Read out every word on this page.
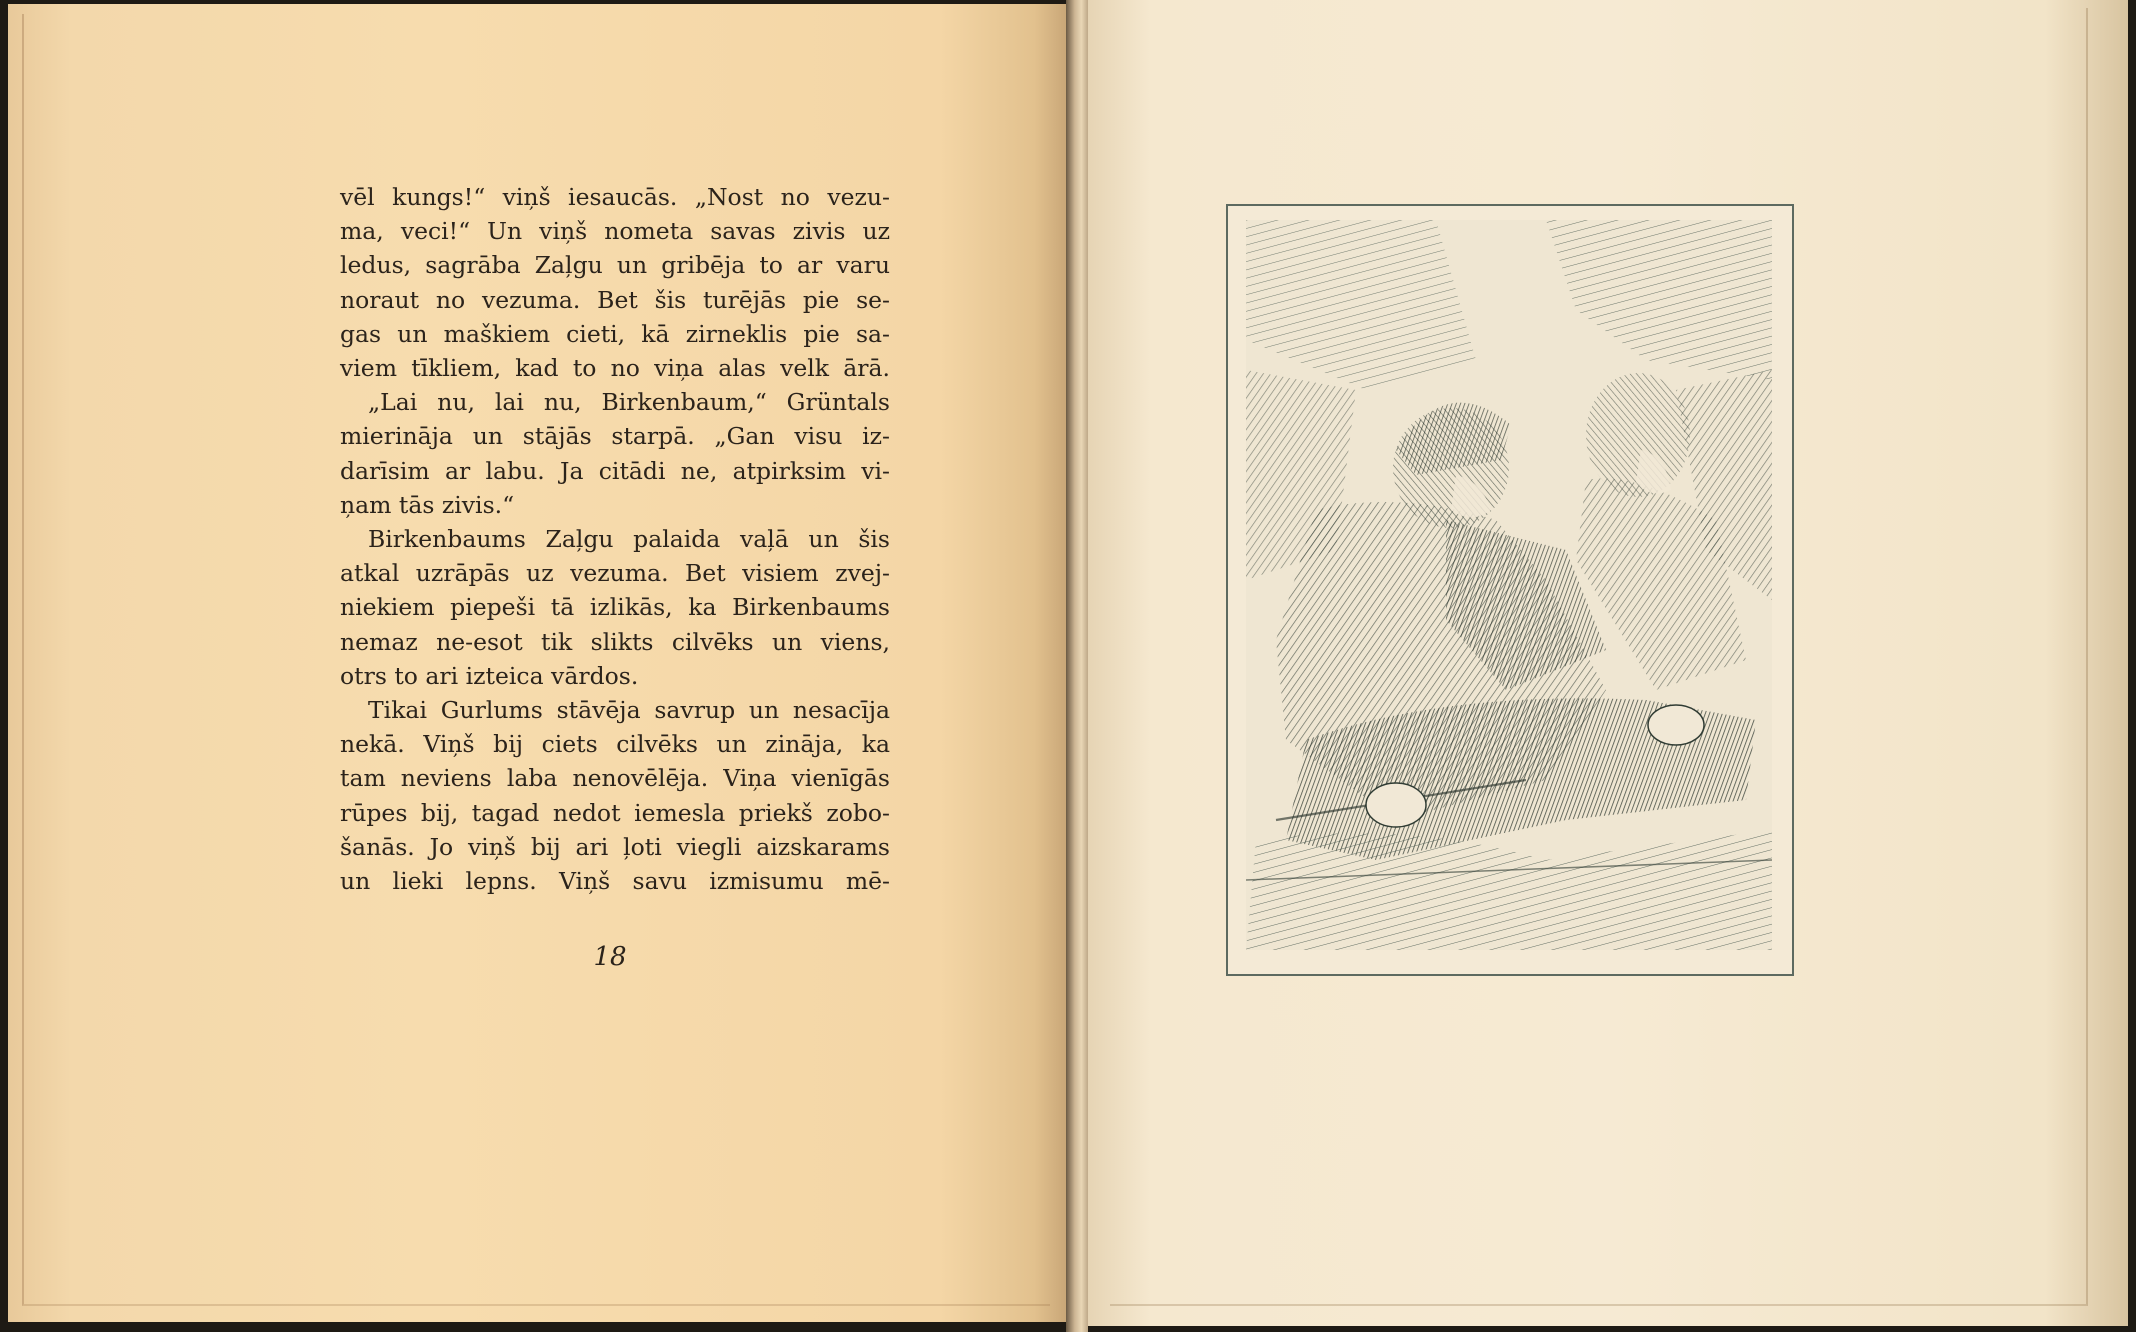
vēl kungs!“ viņš iesaucās. „Nost no vezu-
ma, veci!“ Un viņš nometa savas zivis uz
ledus, sagrāba Zaļgu un gribēja to ar varu
noraut no vezuma. Bet šis turējās pie se-
gas un maškiem cieti, kā zirneklis pie sa-
viem tīkliem, kad to no viņa alas velk ārā.
„Lai nu, lai nu, Birkenbaum,“ Grüntals
mierināja un stājās starpā. „Gan visu iz-
darīsim ar labu. Ja citādi ne, atpirksim vi-
ņam tās zivis.“
Birkenbaums Zaļgu palaida vaļā un šis
atkal uzrāpās uz vezuma. Bet visiem zvej-
niekiem piepeši tā izlikās, ka Birkenbaums
nemaz ne-esot tik slikts cilvēks un viens,
otrs to ari izteica vārdos.
Tikai Gurlums stāvēja savrup un nesacīja
nekā. Viņš bij ciets cilvēks un zināja, ka
tam neviens laba nenovēlēja. Viņa vienīgās
rūpes bij, tagad nedot iemesla priekš zobo-
šanās. Jo viņš bij ari ļoti viegli aizskarams
un lieki lepns. Viņš savu izmisumu mē-
18
